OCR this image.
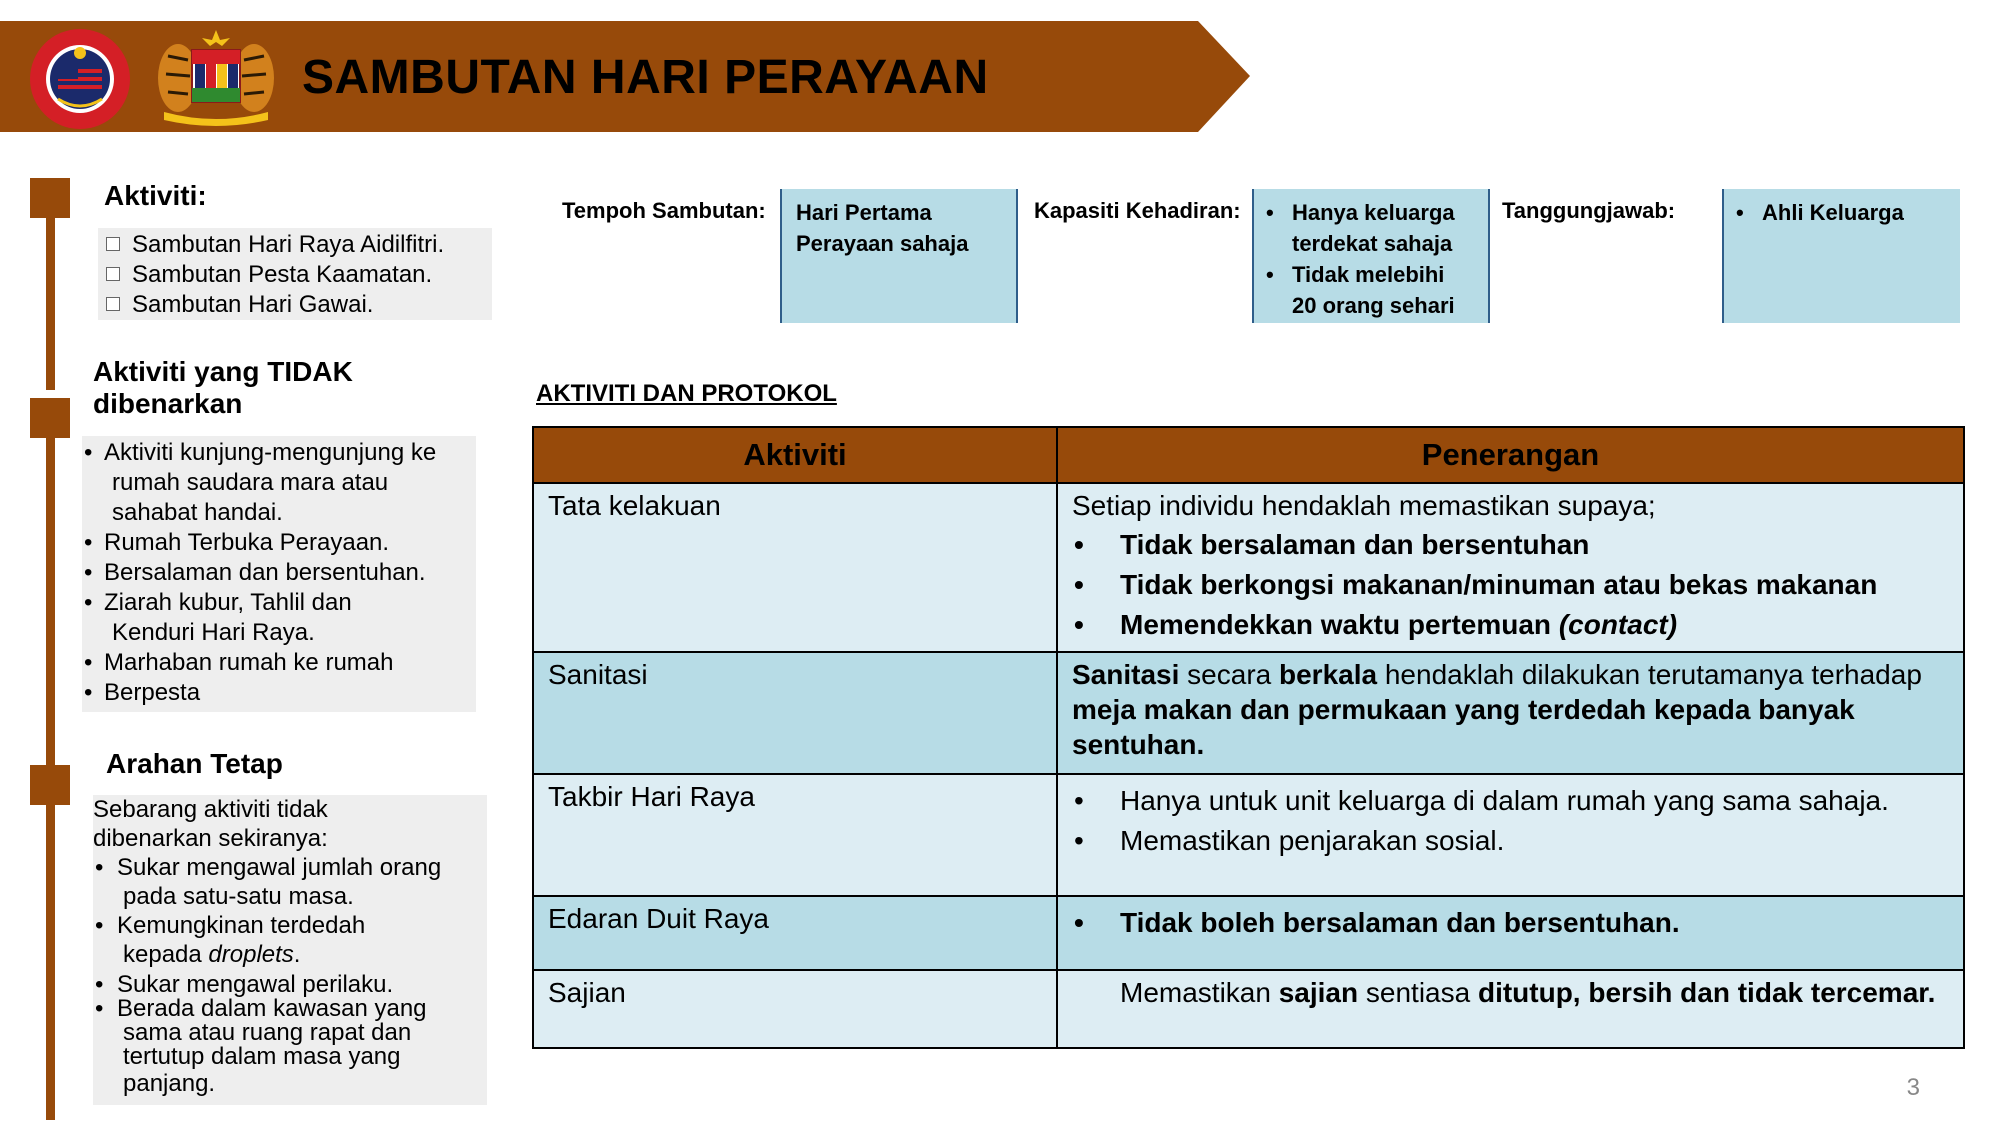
SAMBUTAN HARI PERAYAAN
Aktiviti:
Sambutan Hari Raya Aidilfitri.
Sambutan Pesta Kaamatan.
Sambutan Hari Gawai.
Aktiviti yang TIDAK
dibenarkan
• Aktiviti kunjung-mengunjung ke
rumah saudara mara atau
sahabat handai.
• Rumah Terbuka Perayaan.
• Bersalaman dan bersentuhan.
• Ziarah kubur, Tahlil dan
Kenduri Hari Raya.
• Marhaban rumah ke rumah
• Berpesta
Arahan Tetap
Sebarang aktiviti tidak
dibenarkan sekiranya:
• Sukar mengawal jumlah orang
pada satu-satu masa.
• Kemungkinan terdedah
kepada droplets.
• Sukar mengawal perilaku.
• Berada dalam kawasan yang
sama atau ruang rapat dan
tertutup dalam masa yang
panjang.
Tempoh Sambutan: Hari Pertama
Perayaan sahaja
Kapasiti Kehadiran:	• Hanya keluarga
terdekat sahaja
• Tidak melebihi
20 orang sehari
Tanggungjawab:	• Ahli Keluarga
AKTIVITI DAN PROTOKOL
Aktiviti	Penerangan
Tata kelakuan	Setiap individu hendaklah memastikan supaya;
• Tidak bersalaman dan bersentuhan
• Tidak berkongsi makanan/minuman atau bekas makanan
• Memendekkan waktu pertemuan (contact)

Sanitasi	Sanitasi secara berkala hendaklah dilakukan terutamanya terhadap meja makan dan permukaan yang terdedah kepada banyak sentuhan.
Takbir Hari Raya	• Hanya untuk unit keluarga di dalam rumah yang sama sahaja.
• Memastikan penjarakan sosial.

Edaran Duit Raya	• Tidak boleh bersalaman dan bersentuhan.

Sajian	Memastikan sajian sentiasa ditutup, bersih dan tidak tercemar.
3
